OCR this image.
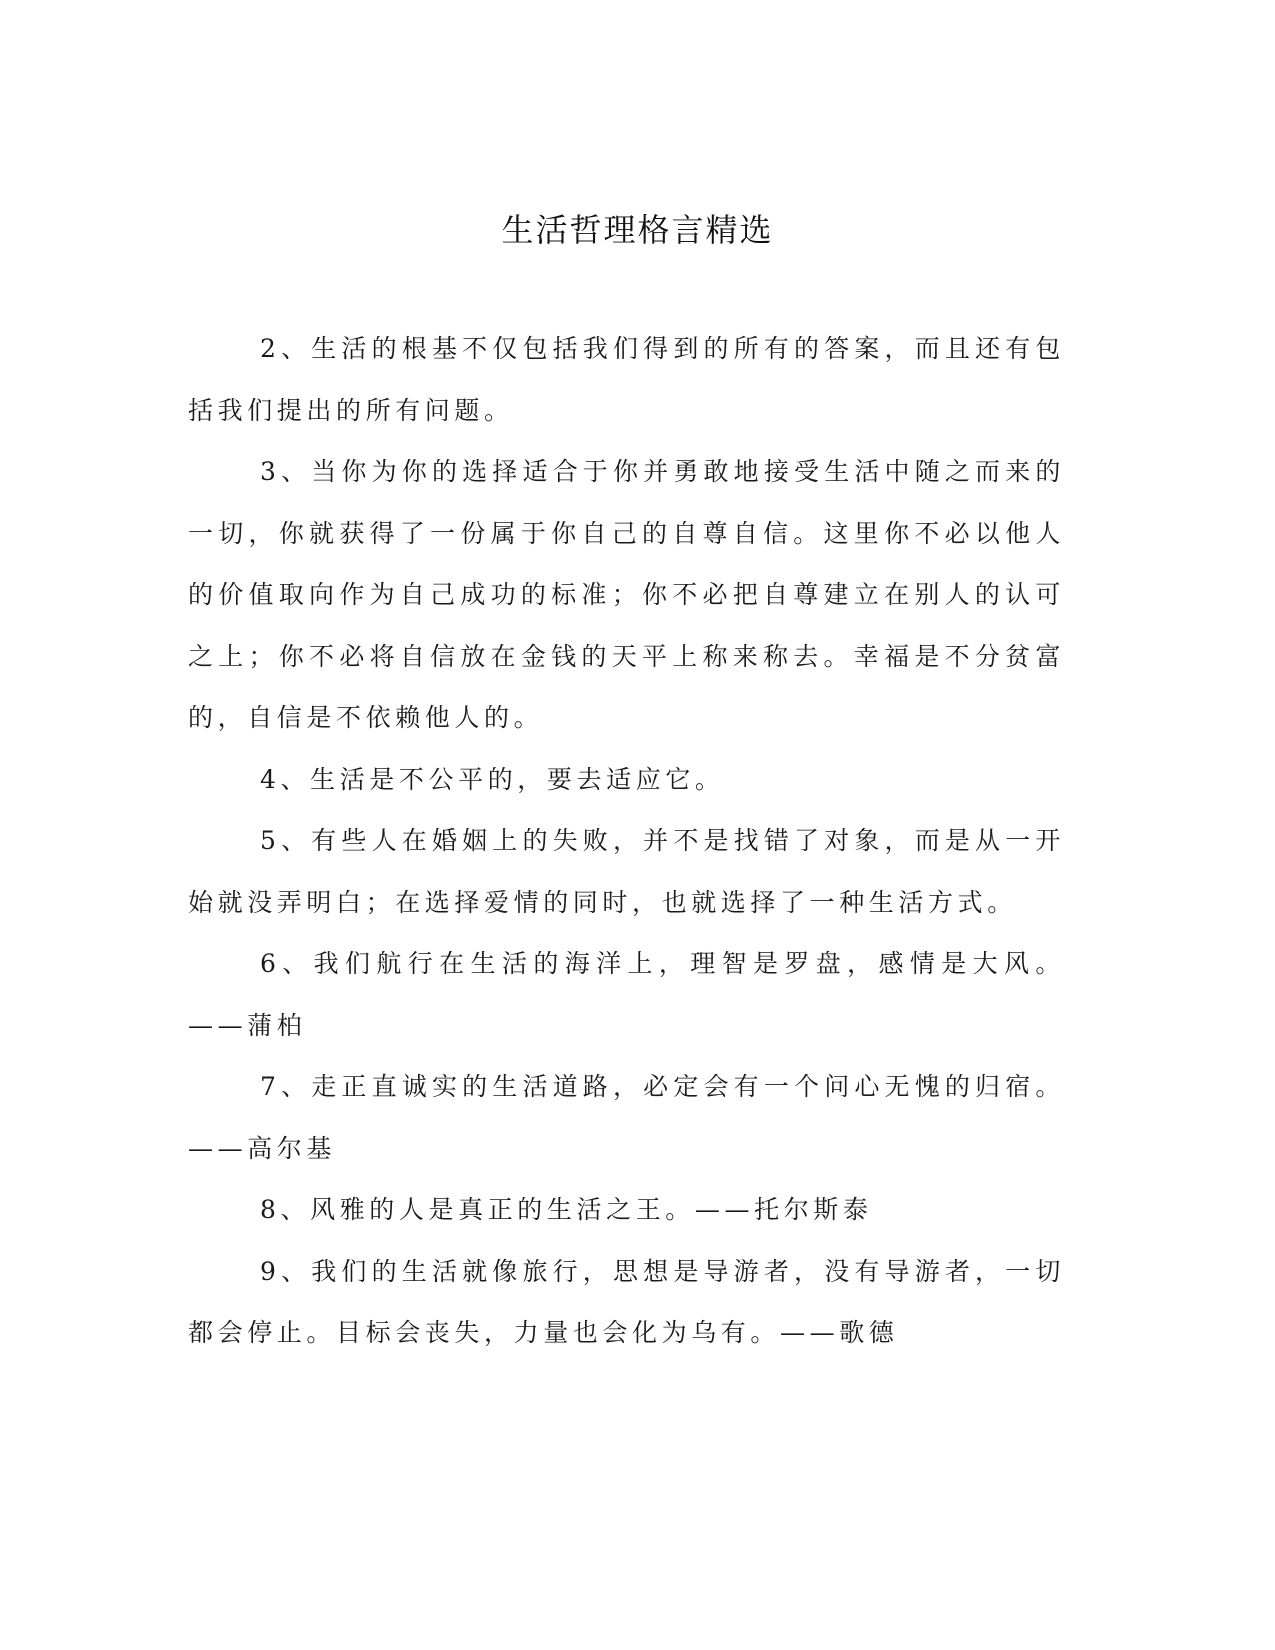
生活哲理格言精选

2、生活的根基不仅包括我们得到的所有的答案，而且还有包括我们提出的所有问题。

3、当你为你的选择适合于你并勇敢地接受生活中随之而来的一切，你就获得了一份属于你自己的自尊自信。这里你不必以他人的价值取向作为自己成功的标准；你不必把自尊建立在别人的认可之上；你不必将自信放在金钱的天平上称来称去。幸福是不分贫富的，自信是不依赖他人的。

4、生活是不公平的，要去适应它。

5、有些人在婚姻上的失败，并不是找错了对象，而是从一开始就没弄明白；在选择爱情的同时，也就选择了一种生活方式。

6、我们航行在生活的海洋上，理智是罗盘，感情是大风。——蒲柏

7、走正直诚实的生活道路，必定会有一个问心无愧的归宿。——高尔基

8、风雅的人是真正的生活之王。——托尔斯泰

9、我们的生活就像旅行，思想是导游者，没有导游者，一切都会停止。目标会丧失，力量也会化为乌有。——歌德
